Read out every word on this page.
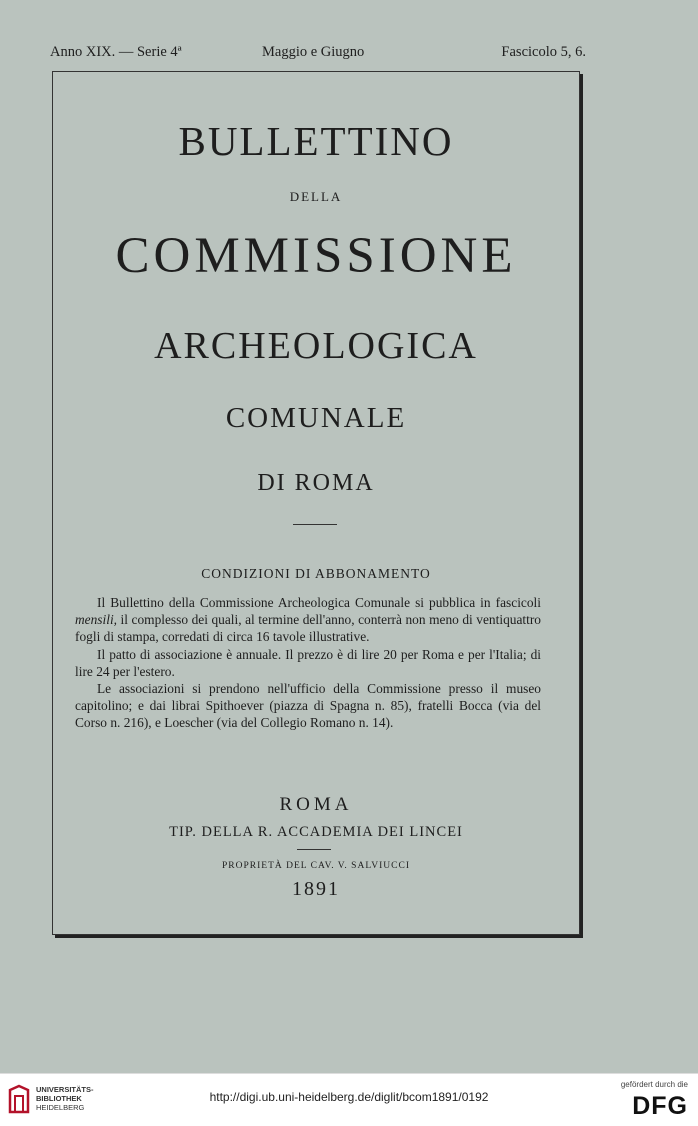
Anno XIX. — Serie 4ª	Maggio e Giugno	Fascicolo 5, 6.
BULLETTINO
DELLA
COMMISSIONE
ARCHEOLOGICA
COMUNALE
DI ROMA
CONDIZIONI DI ABBONAMENTO

Il Bullettino della Commissione Archeologica Comunale si pubblica in fascicoli mensili, il complesso dei quali, al termine dell'anno, conterrà non meno di ventiquattro fogli di stampa, corredati di circa 16 tavole illustrative.

Il patto di associazione è annuale. Il prezzo è di lire 20 per Roma e per l'Italia; di lire 24 per l'estero.

Le associazioni si prendono nell'ufficio della Commissione presso il museo capitolino; e dai librai Spithoever (piazza di Spagna n. 85), fratelli Bocca (via del Corso n. 216), e Loescher (via del Collegio Romano n. 14).

ROMA
TIP. DELLA R. ACCADEMIA DEI LINCEI
PROPRIETÀ DEL CAV. V. SALVIUCCI
1891
UNIVERSITÄTS-
BIBLIOTHEK
HEIDELBERG
http://digi.ub.uni-heidelberg.de/diglit/bcom1891/0192
gefördert durch die
DFG
